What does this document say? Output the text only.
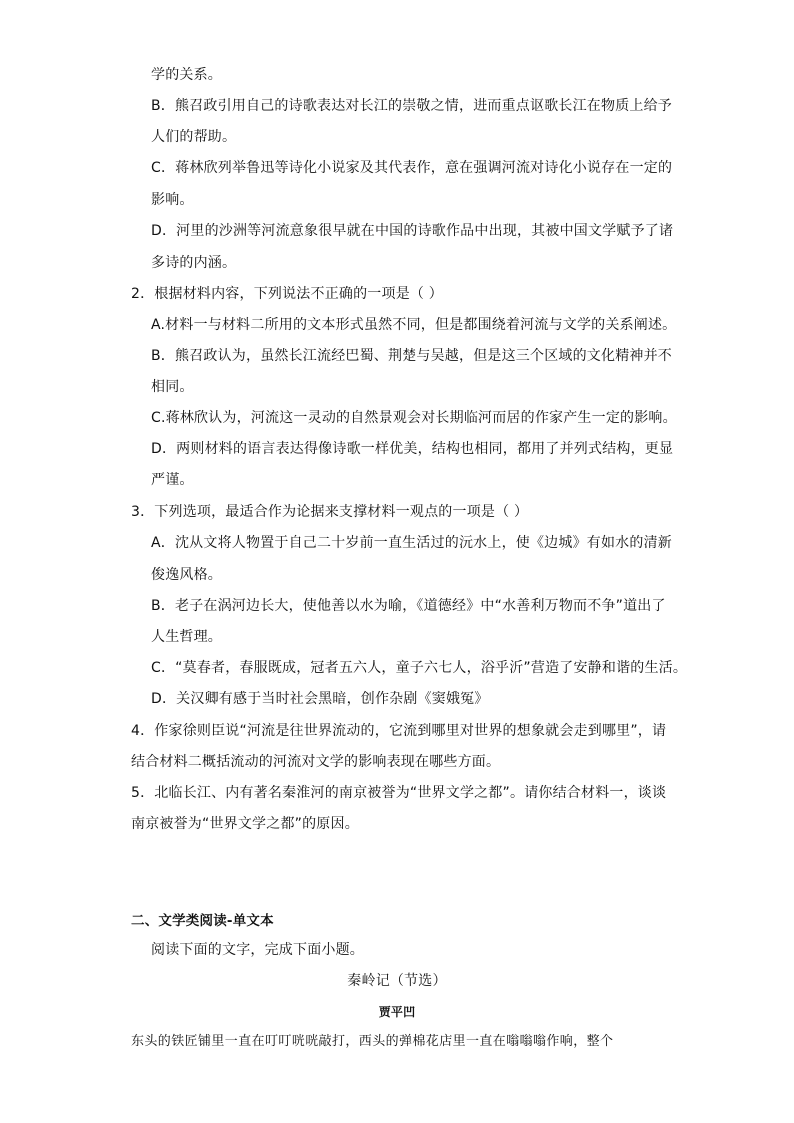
学的关系。
B．熊召政引用自己的诗歌表达对长江的崇敬之情，进而重点讴歌长江在物质上给予
人们的帮助。
C．蒋林欣列举鲁迅等诗化小说家及其代表作，意在强调河流对诗化小说存在一定的
影响。
D．河里的沙洲等河流意象很早就在中国的诗歌作品中出现，其被中国文学赋予了诸
多诗的内涵。
2．根据材料内容，下列说法不正确的一项是（ ）
A.材料一与材料二所用的文本形式虽然不同，但是都围绕着河流与文学的关系阐述。
B．熊召政认为，虽然长江流经巴蜀、荆楚与吴越，但是这三个区域的文化精神并不
相同。
C.蒋林欣认为，河流这一灵动的自然景观会对长期临河而居的作家产生一定的影响。
D．两则材料的语言表达得像诗歌一样优美，结构也相同，都用了并列式结构，更显
严谨。
3．下列选项，最适合作为论据来支撑材料一观点的一项是（ ）
A．沈从文将人物置于自己二十岁前一直生活过的沅水上，使《边城》有如水的清新
俊逸风格。
B．老子在涡河边长大，使他善以水为喻，《道德经》中“水善利万物而不争”道出了
人生哲理。
C．“莫春者，春服既成，冠者五六人，童子六七人，浴乎沂”营造了安静和谐的生活。
D．关汉卿有感于当时社会黑暗，创作杂剧《窦娥冤》
4．作家徐则臣说“河流是往世界流动的，它流到哪里对世界的想象就会走到哪里”，请
结合材料二概括流动的河流对文学的影响表现在哪些方面。
5．北临长江、内有著名秦淮河的南京被誉为“世界文学之都”。请你结合材料一，谈谈
南京被誉为“世界文学之都”的原因。
二、文学类阅读-单文本
阅读下面的文字，完成下面小题。
秦岭记（节选）
贾平凹
东头的铁匠铺里一直在叮叮咣咣敲打，西头的弹棉花店里一直在嗡嗡嗡作响，整个
